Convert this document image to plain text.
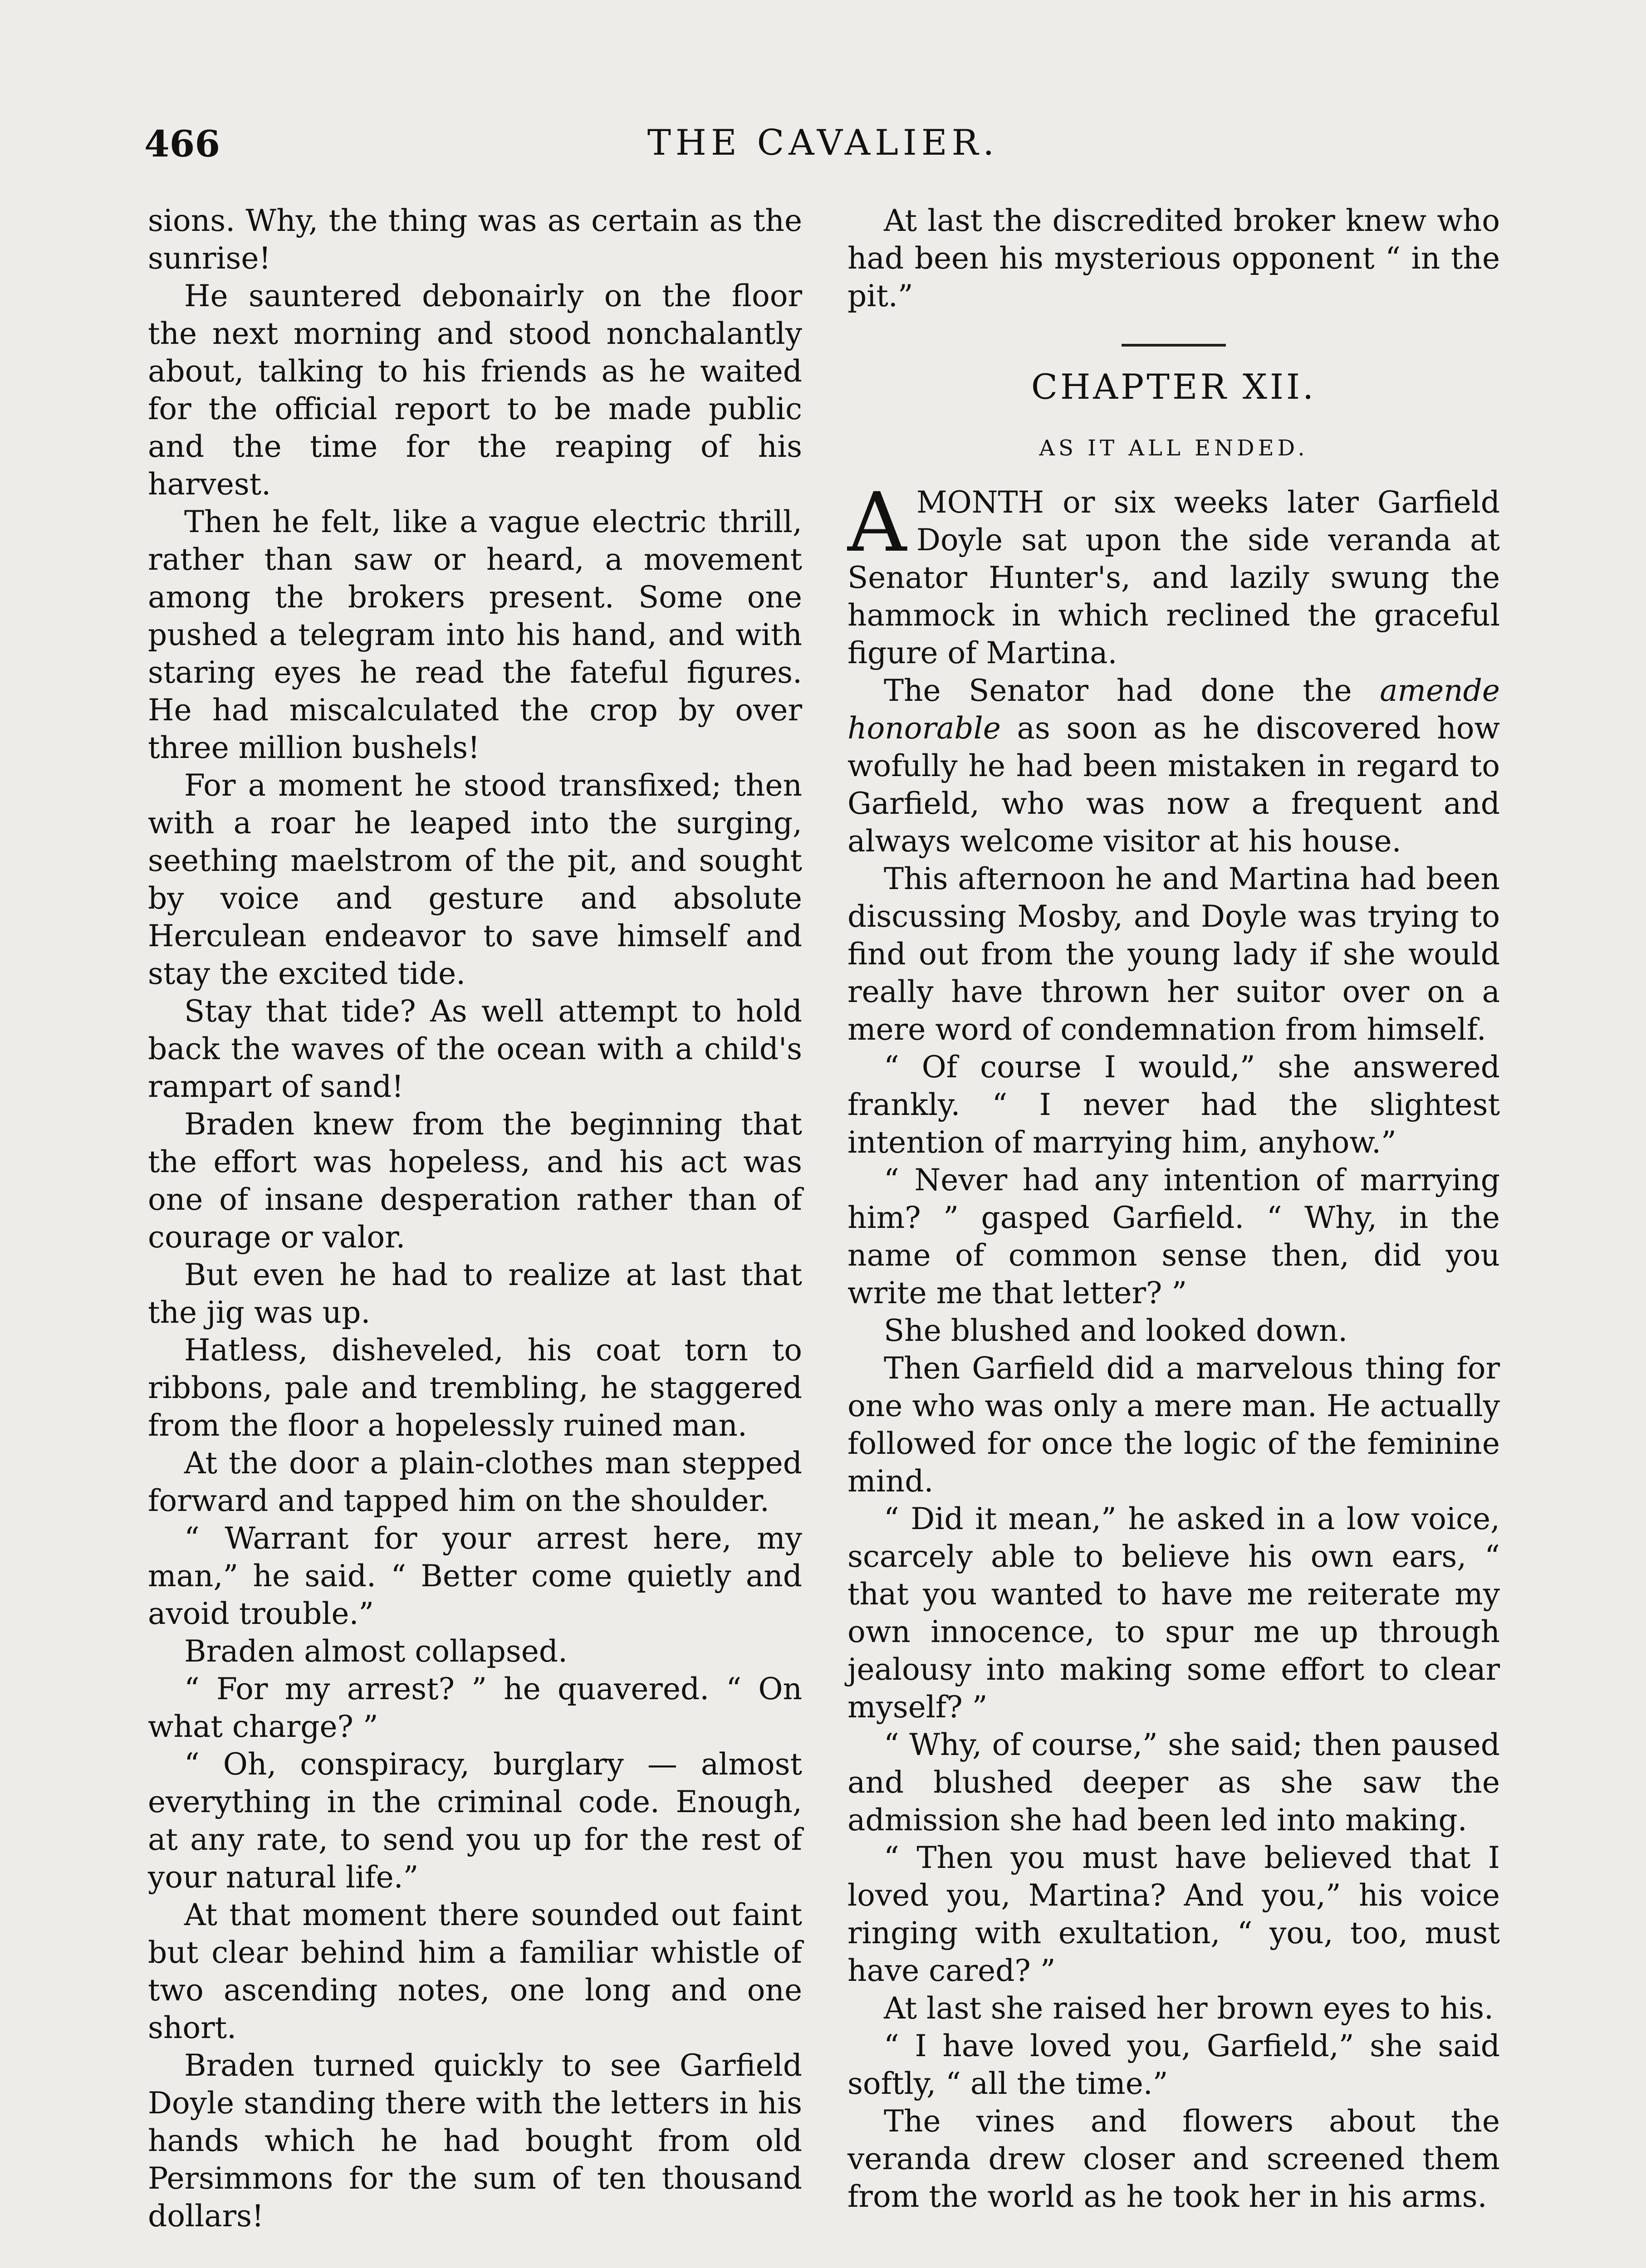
466	THE CAVALIER.

sions. Why, the thing was as certain as the sunrise!

He sauntered debonairly on the floor the next morning and stood nonchalantly about, talking to his friends as he waited for the official report to be made public and the time for the reaping of his harvest.

Then he felt, like a vague electric thrill, rather than saw or heard, a movement among the brokers present. Some one pushed a telegram into his hand, and with staring eyes he read the fateful figures. He had miscalculated the crop by over three million bushels!

For a moment he stood transfixed; then with a roar he leaped into the surging, seething maelstrom of the pit, and sought by voice and gesture and absolute Herculean endeavor to save himself and stay the excited tide.

Stay that tide? As well attempt to hold back the waves of the ocean with a child's rampart of sand!

Braden knew from the beginning that the effort was hopeless, and his act was one of insane desperation rather than of courage or valor.

But even he had to realize at last that the jig was up.

Hatless, disheveled, his coat torn to ribbons, pale and trembling, he staggered from the floor a hopelessly ruined man.

At the door a plain-clothes man stepped forward and tapped him on the shoulder.

“ Warrant for your arrest here, my man,” he said. “ Better come quietly and avoid trouble.”

Braden almost collapsed.

“ For my arrest? ” he quavered. “ On what charge? ”

“ Oh, conspiracy, burglary — almost everything in the criminal code. Enough, at any rate, to send you up for the rest of your natural life.”

At that moment there sounded out faint but clear behind him a familiar whistle of two ascending notes, one long and one short.

Braden turned quickly to see Garfield Doyle standing there with the letters in his hands which he had bought from old Persimmons for the sum of ten thousand dollars!

At last the discredited broker knew who had been his mysterious opponent “ in the pit.”

CHAPTER XII.
AS IT ALL ENDED.

AMONTH or six weeks later Garfield Doyle sat upon the side veranda at Senator Hunter's, and lazily swung the hammock in which reclined the graceful figure of Martina.

The Senator had done the amende honorable as soon as he discovered how wofully he had been mistaken in regard to Garfield, who was now a frequent and always welcome visitor at his house.

This afternoon he and Martina had been discussing Mosby, and Doyle was trying to find out from the young lady if she would really have thrown her suitor over on a mere word of condemnation from himself.

“ Of course I would,” she answered frankly. “ I never had the slightest intention of marrying him, anyhow.”

“ Never had any intention of marrying him? ” gasped Garfield. “ Why, in the name of common sense then, did you write me that letter? ”

She blushed and looked down.

Then Garfield did a marvelous thing for one who was only a mere man. He actually followed for once the logic of the feminine mind.

“ Did it mean,” he asked in a low voice, scarcely able to believe his own ears, “ that you wanted to have me reiterate my own innocence, to spur me up through jealousy into making some effort to clear myself? ”

“ Why, of course,” she said; then paused and blushed deeper as she saw the admission she had been led into making.

“ Then you must have believed that I loved you, Martina? And you,” his voice ringing with exultation, “ you, too, must have cared? ”

At last she raised her brown eyes to his.

“ I have loved you, Garfield,” she said softly, “ all the time.”

The vines and flowers about the veranda drew closer and screened them from the world as he took her in his arms.
